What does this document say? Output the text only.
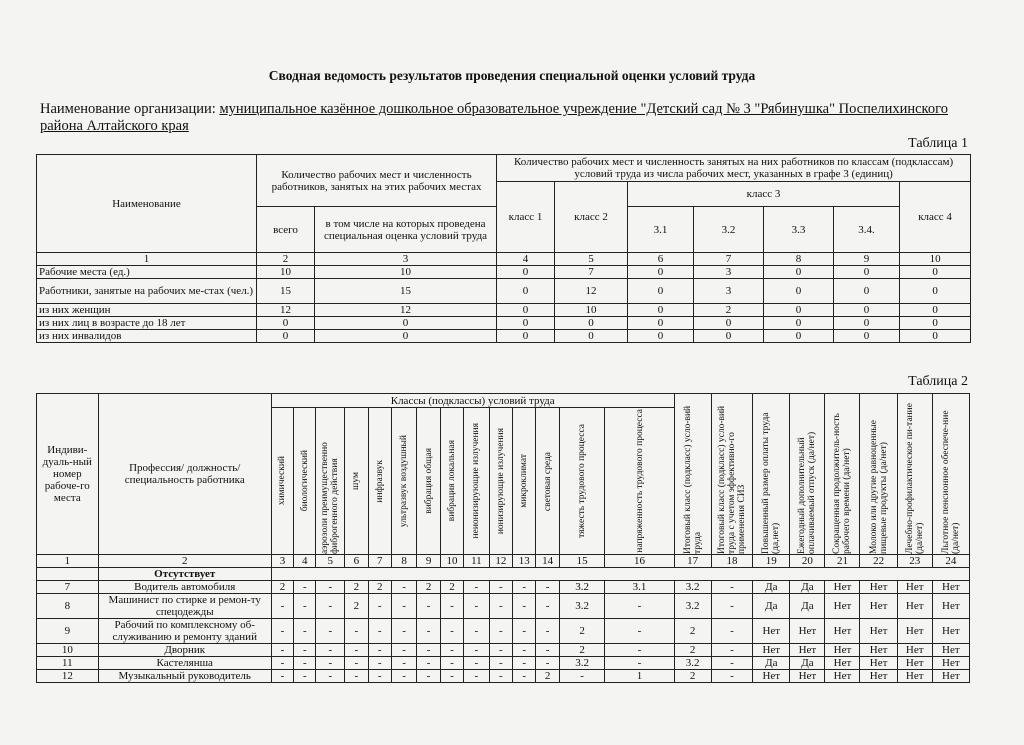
Сводная ведомость результатов проведения специальной оценки условий труда
Наименование организации: муниципальное казённое дошкольное образовательное учреждение "Детский сад № 3 "Рябинушка" Поспелихинского района Алтайского края
Таблица 1
Наименование	Количество рабочих мест и численность работников, занятых на этих рабочих местах		Количество рабочих мест и численность занятых на них работников по классам (подклассам) условий труда из числа рабочих мест, указанных в графе 3 (единиц)						
			класс 1	класс 2	класс 3				класс 4
	всего	в том числе на которых проведена специальная оценка условий труда			3.1	3.2	3.3	3.4.	
1	2	3	4	5	6	7	8	9	10
Рабочие места (ед.)	10	10	0	7	0	3	0	0	0
Работники, занятые на рабочих ме-стах (чел.)	15	15	0	12	0	3	0	0	0
из них женщин	12	12	0	10	0	2	0	0	0
из них лиц в возрасте до 18 лет	0	0	0	0	0	0	0	0	0
из них инвалидов	0	0	0	0	0	0	0	0	0
Таблица 2
Индиви-дуаль-ный номер рабоче-го места	Профессия/ должность/ специальность работника	Классы (подклассы) условий труда														Итоговый класс (подкласс) усло-вий труда	Итоговый класс (подкласс) усло-вий труда с учетом эффективно-го применения СИЗ	Повышенный размер оплаты труда (да,нет)	Ежегодный дополнительный оплачиваемый отпуск (да/нет)	Сокращенная продолжитель-ность рабочего времени (да/нет)	Молоко или другие равноценные пищевые продукты (да/нет)	Лечебно-профилактическое пи-тание (да/нет)	Льготное пенсионное обеспече-ние (да/нет)

		химический	биологический	аэрозоли преимущественно фиброгенного действия	шум	инфразвук	ультразвук воздушный	вибрация общая	вибрация локальная	неионизирующие излучения	ионизирующие излучения	микроклимат	световая среда	тяжесть трудового процесса	напряженность трудового процесса								

1	2	3	4	5	6	7	8	9	10	11	12	13	14	15	16	17	18	19	20	21	22	23	24
	Отсутствует																						
7	Водитель автомобиля	2	-	-	2	2	-	2	2	-	-	-	-	3.2	3.1	3.2	-	Да	Да	Нет	Нет	Нет	Нет
8	Машинист по стирке и ремон-ту спецодежды	-	-	-	2	-	-	-	-	-	-	-	-	3.2	-	3.2	-	Да	Да	Нет	Нет	Нет	Нет
9	Рабочий по комплексному об-служиванию и ремонту зданий	-	-	-	-	-	-	-	-	-	-	-	-	2	-	2	-	Нет	Нет	Нет	Нет	Нет	Нет
10	Дворник	-	-	-	-	-	-	-	-	-	-	-	-	2	-	2	-	Нет	Нет	Нет	Нет	Нет	Нет
11	Кастелянша	-	-	-	-	-	-	-	-	-	-	-	-	3.2	-	3.2	-	Да	Да	Нет	Нет	Нет	Нет
12	Музыкальный руководитель	-	-	-	-	-	-	-	-	-	-	-	2	-	1	2	-	Нет	Нет	Нет	Нет	Нет	Нет
